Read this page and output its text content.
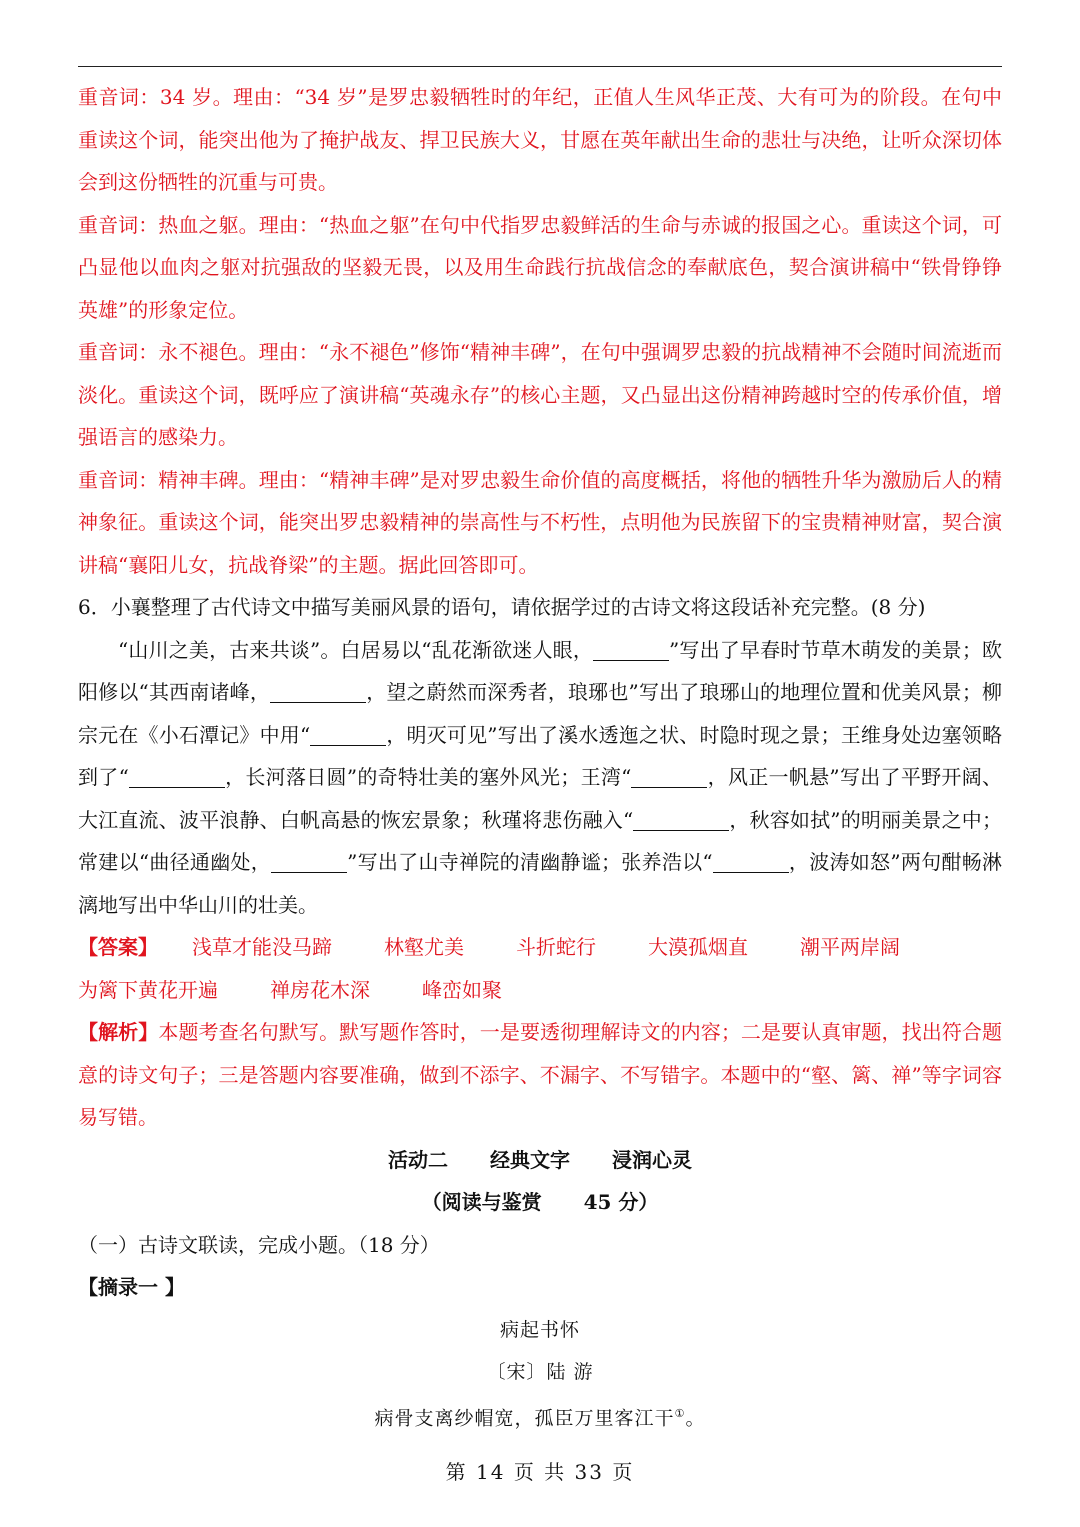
重音词：34 岁。理由：“34 岁”是罗忠毅牺牲时的年纪，正值人生风华正茂、大有可为的阶段。在句中重读这个词，能突出他为了掩护战友、捍卫民族大义，甘愿在英年献出生命的悲壮与决绝，让听众深切体会到这份牺牲的沉重与可贵。

重音词：热血之躯。理由：“热血之躯”在句中代指罗忠毅鲜活的生命与赤诚的报国之心。重读这个词，可凸显他以血肉之躯对抗强敌的坚毅无畏，以及用生命践行抗战信念的奉献底色，契合演讲稿中“铁骨铮铮英雄”的形象定位。

重音词：永不褪色。理由：“永不褪色”修饰“精神丰碑”，在句中强调罗忠毅的抗战精神不会随时间流逝而淡化。重读这个词，既呼应了演讲稿“英魂永存”的核心主题，又凸显出这份精神跨越时空的传承价值，增强语言的感染力。

重音词：精神丰碑。理由：“精神丰碑”是对罗忠毅生命价值的高度概括，将他的牺牲升华为激励后人的精神象征。重读这个词，能突出罗忠毅精神的崇高性与不朽性，点明他为民族留下的宝贵精神财富，契合演讲稿“襄阳儿女，抗战脊梁”的主题。据此回答即可。

6．小襄整理了古代诗文中描写美丽风景的语句，请依据学过的古诗文将这段话补充完整。(8 分)

“山川之美，古来共谈”。白居易以“乱花渐欲迷人眼，	”写出了早春时节草木萌发的美景；欧阳修以“其西南诸峰，	，望之蔚然而深秀者，琅琊也”写出了琅琊山的地理位置和优美风景；柳宗元在《小石潭记》中用“	，明灭可见”写出了溪水透迤之状、时隐时现之景；王维身处边塞领略到了“	，长河落日圆”的奇特壮美的塞外风光；王湾“	，风正一帆悬”写出了平野开阔、大江直流、波平浪静、白帆高悬的恢宏景象；秋瑾将悲伤融入“	，秋容如拭”的明丽美景之中；常建以“曲径通幽处，	”写出了山寺禅院的清幽静谧；张养浩以“	，波涛如怒”两句酣畅淋漓地写出中华山川的壮美。

【答案】 浅草才能没马蹄	林壑尤美	斗折蛇行	大漠孤烟直	潮平两岸阔
为篱下黄花开遍	禅房花木深	峰峦如聚

【解析】本题考查名句默写。默写题作答时，一是要透彻理解诗文的内容；二是要认真审题，找出符合题意的诗文句子；三是答题内容要准确，做到不添字、不漏字、不写错字。本题中的“壑、篱、禅”等字词容易写错。

活动二 经典文字 浸润心灵

（阅读与鉴赏 45 分）

（一）古诗文联读，完成小题。（18 分）

【摘录一 】

病起书怀

〔宋〕陆 游

病骨支离纱帽宽，孤臣万里客江干①。

第 14 页 共 33 页
